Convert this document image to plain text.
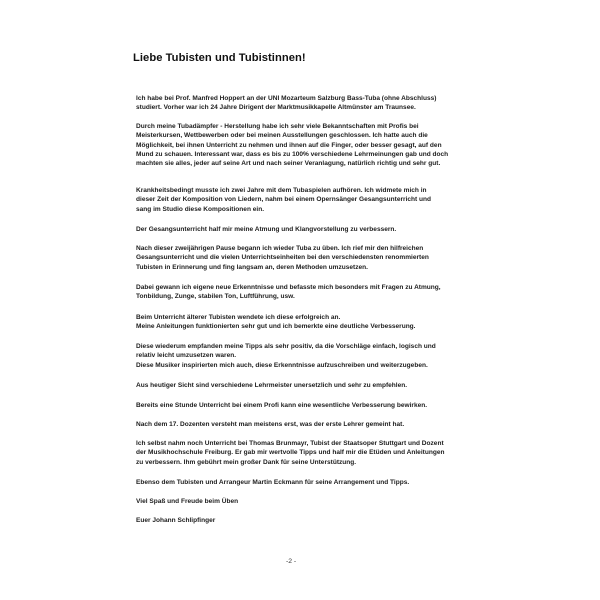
Liebe Tubisten und Tubistinnen!
Ich habe bei Prof. Manfred Hoppert an der UNI Mozarteum Salzburg Bass-Tuba (ohne Abschluss)
studiert. Vorher war ich 24 Jahre Dirigent der Marktmusikkapelle Altmünster am Traunsee.
Durch meine Tubadämpfer - Herstellung habe ich sehr viele Bekanntschaften mit Profis bei
Meisterkursen, Wettbewerben oder bei meinen Ausstellungen geschlossen. Ich hatte auch die
Möglichkeit, bei ihnen Unterricht zu nehmen und ihnen auf die Finger, oder besser gesagt, auf den
Mund zu schauen. Interessant war, dass es bis zu 100% verschiedene Lehrmeinungen gab und doch
machten sie alles, jeder auf seine Art und nach seiner Veranlagung, natürlich richtig und sehr gut.
Krankheitsbedingt musste ich zwei Jahre mit dem Tubaspielen aufhören. Ich widmete mich in
dieser Zeit der Komposition von Liedern, nahm bei einem Opernsänger Gesangsunterricht und
sang im Studio diese Kompositionen ein.
Der Gesangsunterricht half mir meine Atmung und Klangvorstellung zu verbessern.
Nach dieser zweijährigen Pause begann ich wieder Tuba zu üben. Ich rief mir den hilfreichen
Gesangsunterricht und die vielen Unterrichtseinheiten bei den verschiedensten renommierten
Tubisten in Erinnerung und fing langsam an, deren Methoden umzusetzen.
Dabei gewann ich eigene neue Erkenntnisse und befasste mich besonders mit Fragen zu Atmung,
Tonbildung, Zunge, stabilen Ton, Luftführung, usw.
Beim Unterricht älterer Tubisten wendete ich diese erfolgreich an.
Meine Anleitungen funktionierten sehr gut und ich bemerkte eine deutliche Verbesserung.
Diese wiederum empfanden meine Tipps als sehr positiv, da die Vorschläge einfach, logisch und
relativ leicht umzusetzen waren.
Diese Musiker inspirierten mich auch, diese Erkenntnisse aufzuschreiben und weiterzugeben.
Aus heutiger Sicht sind verschiedene Lehrmeister unersetzlich und sehr zu empfehlen.
Bereits eine Stunde Unterricht bei einem Profi kann eine wesentliche Verbesserung bewirken.
Nach dem 17. Dozenten versteht man meistens erst, was der erste Lehrer gemeint hat.
Ich selbst nahm noch Unterricht bei Thomas Brunmayr, Tubist der Staatsoper Stuttgart und Dozent
der Musikhochschule Freiburg. Er gab mir wertvolle Tipps und half mir die Etüden und Anleitungen
zu verbessern. Ihm gebührt mein großer Dank für seine Unterstützung.
Ebenso dem Tubisten und Arrangeur Martin Eckmann für seine Arrangement und Tipps.
Viel Spaß und Freude beim Üben
Euer Johann Schlipfinger
-2 -
